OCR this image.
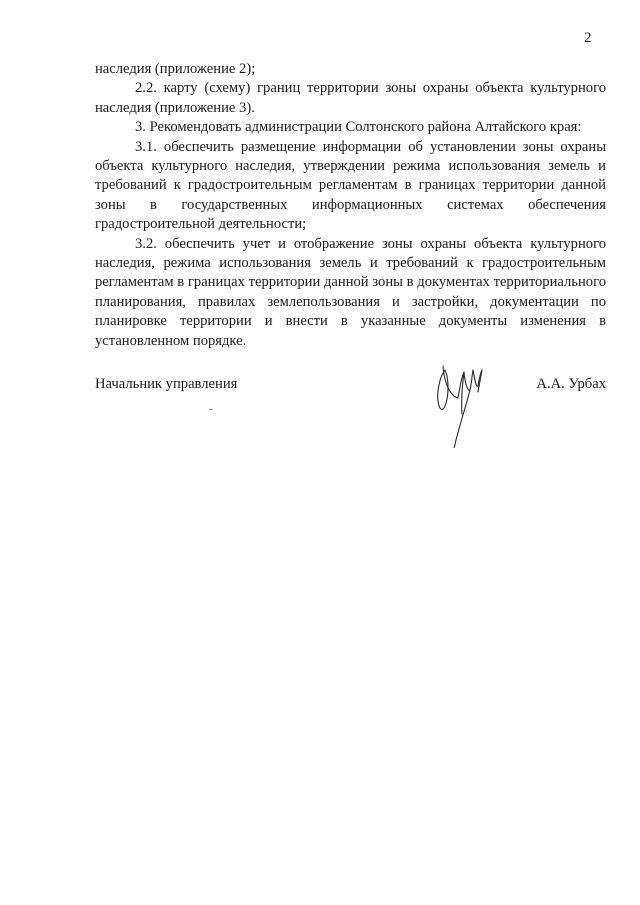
2

наследия (приложение 2);

2.2. карту (схему) границ территории зоны охраны объекта культурного наследия (приложение 3).

3. Рекомендовать администрации Солтонского района Алтайского края:

3.1. обеспечить размещение информации об установлении зоны охраны объекта культурного наследия, утверждении режима использования земель и требований к градостроительным регламентам в границах территории данной зоны в государственных информационных системах обеспечения градостроительной деятельности;

3.2. обеспечить учет и отображение зоны охраны объекта культурного наследия, режима использования земель и требований к градостроительным регламентам в границах территории данной зоны в документах территориального планирования, правилах землепользования и застройки, документации по планировке территории и внести в указанные документы изменения в установленном порядке.

Начальник управления	А.А. Урбах
